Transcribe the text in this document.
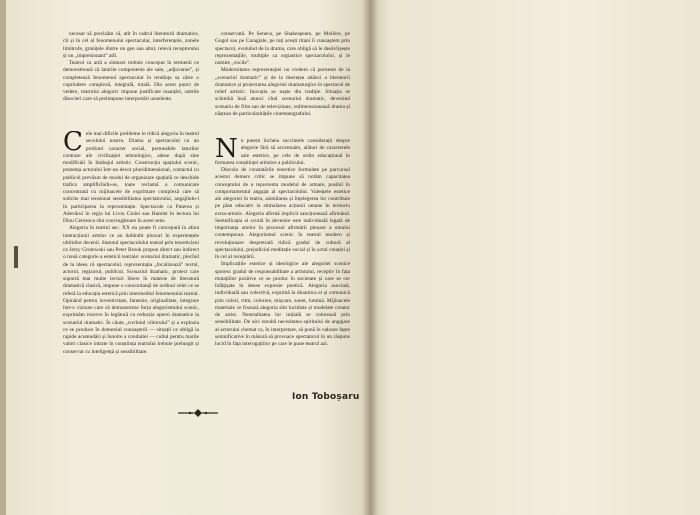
necesar să precizăm că, atît în cadrul literaturii dramatice, cît și în cel al fenomenului spectacular, interferențele, zonele limitrofe, granițele dintre un gen sau altul, relevă receptorului și un „impresionant” atîl.

Teatrul ca artă a sintezei trebuie conceput în termenii ce demonstrează că laturile componente ale sale, „adjuvante”, și completează fenomenul spectacular în tendința sa către o cuprindere complexă, integrală, totală. Din acest punct de vedere, teatrului alegoric impune justificate nuanțări, subtile disocieri care să prelimpune interpretări uzuelente.

conservată. Pe Seneca, pe Shakespeare, pe Molière, pe Gogol sau pe Caragiale, pe toți acești titani îi cunoaștem prin spectacol, evoluînd de la drama, care obligă să le desăvîrșește reprezentațiile, multiple ca orgiastice spectacolului, și le numite „vocile”.

Modernitatea reprezentației nu credem că porneste de la „scenariul dramatic” și de la tinerețea adânci a literaturii dramatice și proiectarea alegoriei dramaturgice în spectacol de relief artistic. Inovația se naște din tradiție. Situația se schimbă însă atunci cînd scenariul dramatic, devenind scenariu de film sau de televiziune, redimensionează drama și nășteau de particularitățile cinematografului.

Cele mai dificile probleme le ridică alegoria în teatrul secolului nostru. Drama și spectacolul cu un profund caracter social, permeabile laturilor contrare ale civilizației tehnologice, adese după sine modificări în limbajul artistic. Construcția spațiului scenic, prezența actorului într-un decor pluridimensional, contactul cu publicul prevăzut de modul de organizare spațială ce deschide trafica amplificîndu-se, toate reclamă o comunicare concentrată cu mijloacele de exprimare complexă care să solicite mai tensionat sensibilitatea spectatorului, angajîndu-l în participarea la reprezentație. Spectacole ca Puterea și Adevărul în regia lui Liviu Ciulei sau Hamlet în lectura lui Dinu Cernescu sînt convingătoare în acest sens.

Alegoria în teatrul sec. XX nu poate fi concepută în afara interacțiunii artelor ce au dobîndit pluxuri în experiențele ultimilor decenii. Statutul spectacolului teatral prin teoreticieni ca Jerzy Grotowski sau Peter Brook propun direct sau indirect o nouă categorie a esteticii teatrale: scenariul dramatic, plecînd de la ideea că spectacolul, reprezentația „focalizează” textul, actorul, regizorul, publicul. Scenariul dramatic, protect care suportă mai multe lecturi libere în materie de literatură dramatică clasică, impune o concordanță de ordinul celei ce se referă la educația estetică prin intermediul fenomenului teatral. Opinând pentru inventivitate, fantezie, originalitate, integrare într-o viziune care să demonstreze forța alegorismului scenic, exprimăm rezerve în legătură cu reducția operei dramatice la scenariul dramatic. În căuta „cuvîntul viitorului” și a explozia ce se produce în domeniul cunoașterii — situații ce obligă la rapide acomodări și înnoire a conduitei — cultul pentru marile valori clasice intrate în conștiința teatrului trebuie prelungit și conservat cu inteligență și sensibilitate.

Nu putem încheia succintele considerații despre alegorie fără să accentuăm, alături de caracterele sale estetice, pe cele de ordin educațional în formarea conștiinței artistice a publicului.

Dincolo de constatările teoretice formulate pe parcursul acestui demers critic se impune să notăm capacitatea conceptului de a reprezenta modelul de armare, posibil în comportamentul angajat al spectacolului. Valențele estetice ale alegoriei în teatru, asimilarea și înțelegerea lor contribuie pe plan educativ la stimularea acțiunii umane în teritoriu extra-artistic. Alegoria afirmă implicit sancționează afirmând. Semnificația ei scurtă în devenire este individuală legată de importanța artelor în procesul afirmării plenare a omului contemporan. Alegorismul scenic în teatrul modern și revoluționare despretrată ridică gradul de cultură al spectacolului, prejudiciul meditație social și în actul creației și în cel al receptării.

Implicațiile estetice și ideologice ale alegoriei scenice sporesc gradul de responsabilitate a artistului, receptiv în fața mutațiilor pozitive ce se produc în societate și care se cer înfățișate în dense expresie poetică. Alegoria asociată, individuală sau colectivă, exprimă la dinamica ei și comunică prin culori, ritm, colorare, mișcare, sunet, lumină. Mijloacele materiale ce fixează alegoria sînt lucidiste și modelate creator de artist. Neutralitatea lor inițială se colorează prin sensibilitate. De aici rezultă necesitatea spiritului de angajare al actorului chemat ca, în interpretare, să pună în valoare fapte semnificative în măsură să provoace spectatorul în un răspuns lucid în fața interogațiilor pe care le pune teatrul azi.

Ion Toboșaru
